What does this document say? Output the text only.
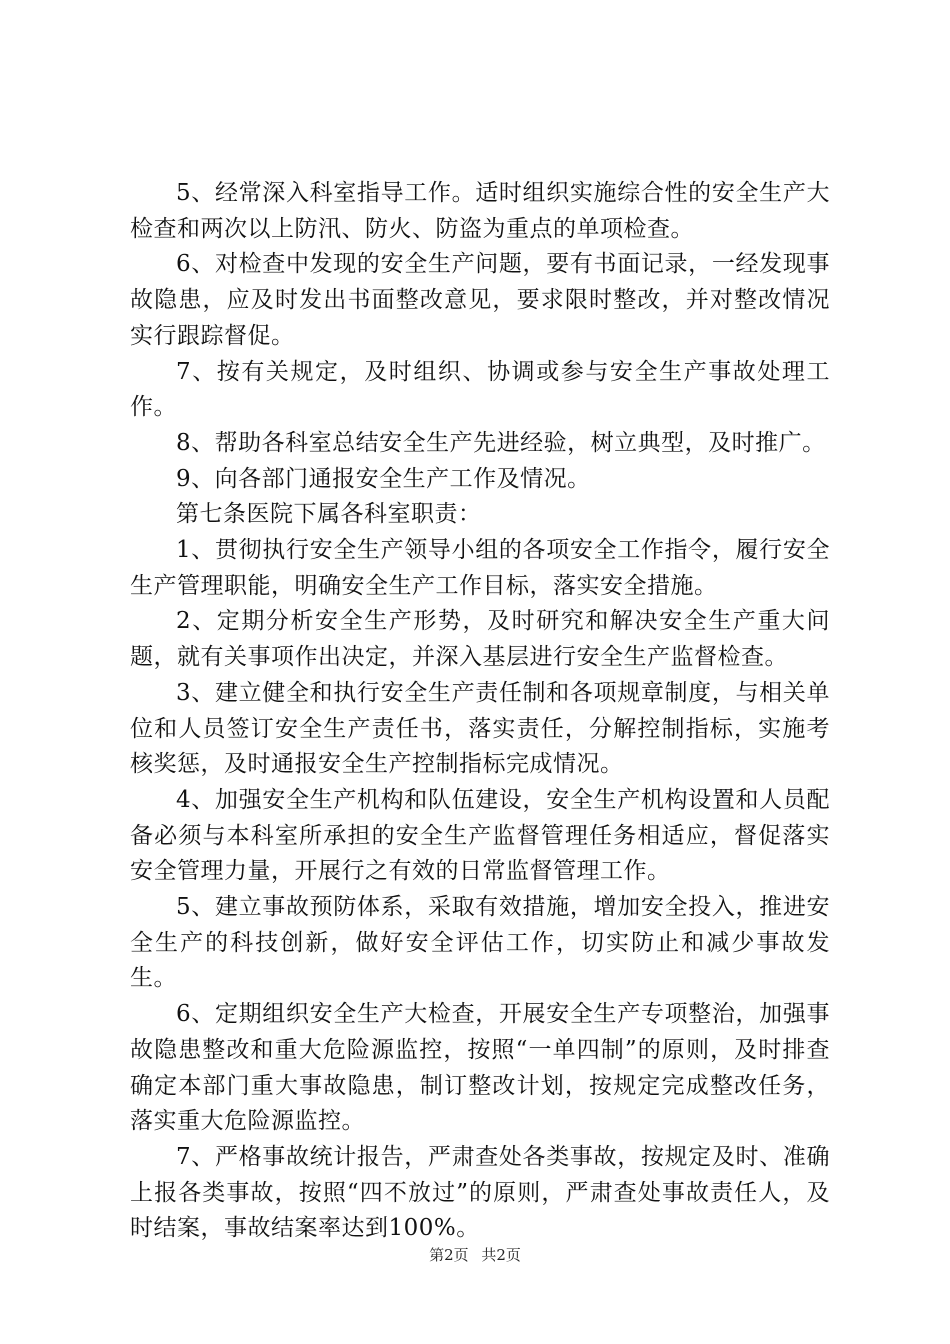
5、经常深入科室指导工作。适时组织实施综合性的安全生产大检查和两次以上防汛、防火、防盗为重点的单项检查。

6、对检查中发现的安全生产问题，要有书面记录，一经发现事故隐患，应及时发出书面整改意见，要求限时整改，并对整改情况实行跟踪督促。

7、按有关规定，及时组织、协调或参与安全生产事故处理工作。

8、帮助各科室总结安全生产先进经验，树立典型，及时推广。

9、向各部门通报安全生产工作及情况。

第七条医院下属各科室职责：

1、贯彻执行安全生产领导小组的各项安全工作指令，履行安全生产管理职能，明确安全生产工作目标，落实安全措施。

2、定期分析安全生产形势，及时研究和解决安全生产重大问题，就有关事项作出决定，并深入基层进行安全生产监督检查。

3、建立健全和执行安全生产责任制和各项规章制度，与相关单位和人员签订安全生产责任书，落实责任，分解控制指标，实施考核奖惩，及时通报安全生产控制指标完成情况。

4、加强安全生产机构和队伍建设，安全生产机构设置和人员配备必须与本科室所承担的安全生产监督管理任务相适应，督促落实安全管理力量，开展行之有效的日常监督管理工作。

5、建立事故预防体系，采取有效措施，增加安全投入，推进安全生产的科技创新，做好安全评估工作，切实防止和减少事故发生。

6、定期组织安全生产大检查，开展安全生产专项整治，加强事故隐患整改和重大危险源监控，按照“一单四制”的原则，及时排查确定本部门重大事故隐患，制订整改计划，按规定完成整改任务，落实重大危险源监控。

7、严格事故统计报告，严肃查处各类事故，按规定及时、准确上报各类事故，按照“四不放过”的原则，严肃查处事故责任人，及时结案，事故结案率达到100%。

第2页 共2页
